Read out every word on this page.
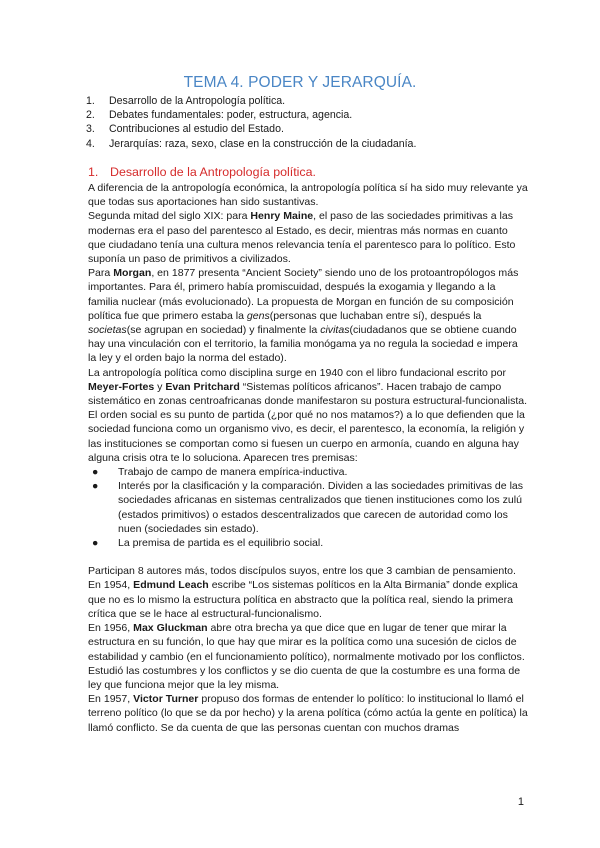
TEMA 4. PODER Y JERARQUÍA.
1.	Desarrollo de la Antropología política.
2.	Debates fundamentales: poder, estructura, agencia.
3.	Contribuciones al estudio del Estado.
4.	Jerarquías: raza, sexo, clase en la construcción de la ciudadanía.
1. Desarrollo de la Antropología política.

A diferencia de la antropología económica, la antropología política sí ha sido muy relevante ya que todas sus aportaciones han sido sustantivas.

Segunda mitad del siglo XIX: para Henry Maine, el paso de las sociedades primitivas a las modernas era el paso del parentesco al Estado, es decir, mientras más normas en cuanto que ciudadano tenía una cultura menos relevancia tenía el parentesco para lo político. Esto suponía un paso de primitivos a civilizados.

Para Morgan, en 1877 presenta “Ancient Society” siendo uno de los protoantropólogos más importantes. Para él, primero había promiscuidad, después la exogamia y llegando a la familia nuclear (más evolucionado). La propuesta de Morgan en función de su composición política fue que primero estaba la gens(personas que luchaban entre sí), después la societas(se agrupan en sociedad) y finalmente la civitas(ciudadanos que se obtiene cuando hay una vinculación con el territorio, la familia monógama ya no regula la sociedad e impera la ley y el orden bajo la norma del estado).

La antropología política como disciplina surge en 1940 con el libro fundacional escrito por Meyer-Fortes y Evan Pritchard “Sistemas políticos africanos”. Hacen trabajo de campo sistemático en zonas centroafricanas donde manifestaron su postura estructural-funcionalista. El orden social es su punto de partida (¿por qué no nos matamos?) a lo que defienden que la sociedad funciona como un organismo vivo, es decir, el parentesco, la economía, la religión y las instituciones se comportan como si fuesen un cuerpo en armonía, cuando en alguna hay alguna crisis otra te lo soluciona. Aparecen tres premisas:

● Trabajo de campo de manera empírica-inductiva.
● Interés por la clasificación y la comparación. Dividen a las sociedades primitivas de las sociedades africanas en sistemas centralizados que tienen instituciones como los zulú (estados primitivos) o estados descentralizados que carecen de autoridad como los nuen (sociedades sin estado).
● La premisa de partida es el equilibrio social.

Participan 8 autores más, todos discípulos suyos, entre los que 3 cambian de pensamiento.

En 1954, Edmund Leach escribe “Los sistemas políticos en la Alta Birmania” donde explica que no es lo mismo la estructura política en abstracto que la política real, siendo la primera crítica que se le hace al estructural-funcionalismo.

En 1956, Max Gluckman abre otra brecha ya que dice que en lugar de tener que mirar la estructura en su función, lo que hay que mirar es la política como una sucesión de ciclos de estabilidad y cambio (en el funcionamiento político), normalmente motivado por los conflictos. Estudió las costumbres y los conflictos y se dio cuenta de que la costumbre es una forma de ley que funciona mejor que la ley misma.

En 1957, Victor Turner propuso dos formas de entender lo político: lo institucional lo llamó el terreno político (lo que se da por hecho) y la arena política (cómo actúa la gente en política) la llamó conflicto. Se da cuenta de que las personas cuentan con muchos dramas

1
